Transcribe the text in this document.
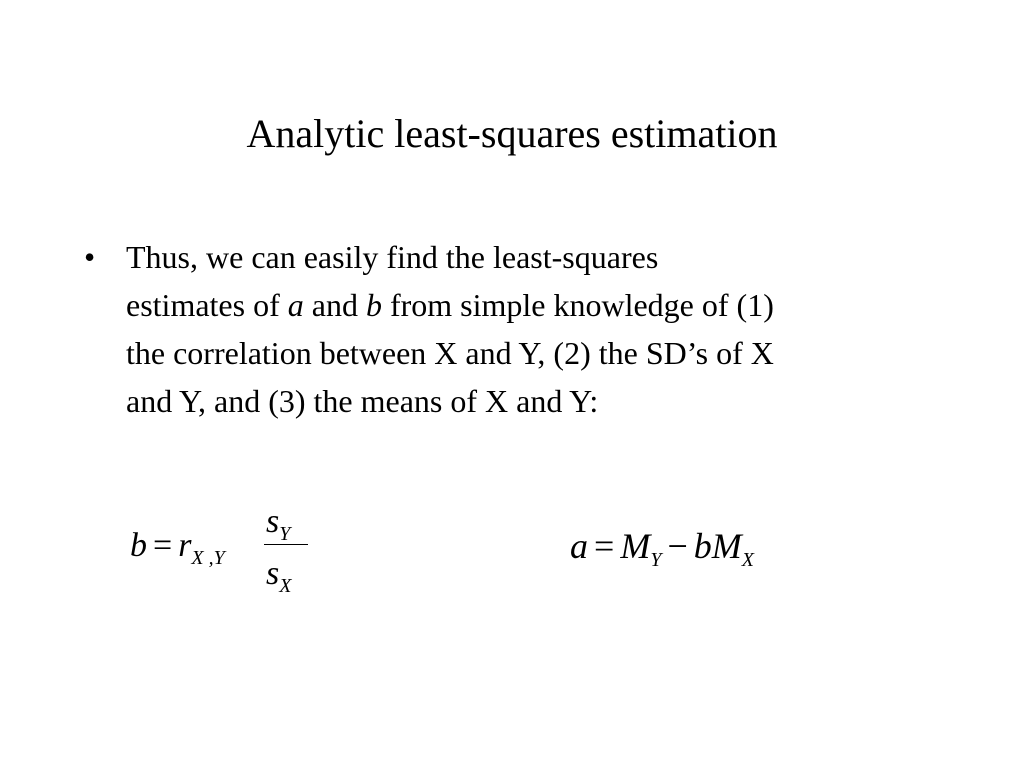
Analytic least-squares estimation
• Thus, we can easily find the least-squares
estimates of a and b from simple knowledge of (1)
the correlation between X and Y, (2) the SD’s of X
and Y, and (3) the means of X and Y:
$b = r_{X ,Y}$
$s_Y$
$s_X$
$a = M_Y - bM_X$
